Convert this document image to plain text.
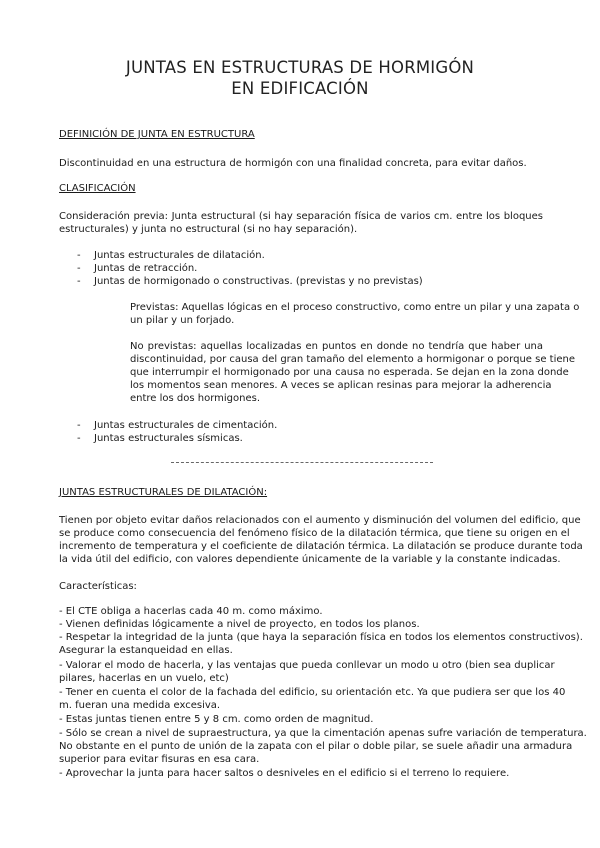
JUNTAS EN ESTRUCTURAS DE HORMIGÓN
EN EDIFICACIÓN
DEFINICIÓN DE JUNTA EN ESTRUCTURA
Discontinuidad en una estructura de hormigón con una finalidad concreta, para evitar daños.
CLASIFICACIÓN
Consideración previa: Junta estructural (si hay separación física de varios cm. entre los bloques
estructurales) y junta no estructural (si no hay separación).
- Juntas estructurales de dilatación.
- Juntas de retracción.
- Juntas de hormigonado o constructivas. (previstas y no previstas)
Previstas: Aquellas lógicas en el proceso constructivo, como entre un pilar y una zapata o
un pilar y un forjado.
No previstas: aquellas localizadas en puntos en donde no tendría que haber una
discontinuidad, por causa del gran tamaño del elemento a hormigonar o porque se tiene
que interrumpir el hormigonado por una causa no esperada. Se dejan en la zona donde
los momentos sean menores. A veces se aplican resinas para mejorar la adherencia
entre los dos hormigones.
- Juntas estructurales de cimentación.
- Juntas estructurales sísmicas.
JUNTAS ESTRUCTURALES DE DILATACIÓN:
Tienen por objeto evitar daños relacionados con el aumento y disminución del volumen del edificio, que
se produce como consecuencia del fenómeno físico de la dilatación térmica, que tiene su origen en el
incremento de temperatura y el coeficiente de dilatación térmica. La dilatación se produce durante toda
la vida útil del edificio, con valores dependiente únicamente de la variable y la constante indicadas.
Características:
- El CTE obliga a hacerlas cada 40 m. como máximo.
- Vienen definidas lógicamente a nivel de proyecto, en todos los planos.
- Respetar la integridad de la junta (que haya la separación física en todos los elementos constructivos).
Asegurar la estanqueidad en ellas.
- Valorar el modo de hacerla, y las ventajas que pueda conllevar un modo u otro (bien sea duplicar
pilares, hacerlas en un vuelo, etc)
- Tener en cuenta el color de la fachada del edificio, su orientación etc. Ya que pudiera ser que los 40
m. fueran una medida excesiva.
- Estas juntas tienen entre 5 y 8 cm. como orden de magnitud.
- Sólo se crean a nivel de supraestructura, ya que la cimentación apenas sufre variación de temperatura.
No obstante en el punto de unión de la zapata con el pilar o doble pilar, se suele añadir una armadura
superior para evitar fisuras en esa cara.
- Aprovechar la junta para hacer saltos o desniveles en el edificio si el terreno lo requiere.
